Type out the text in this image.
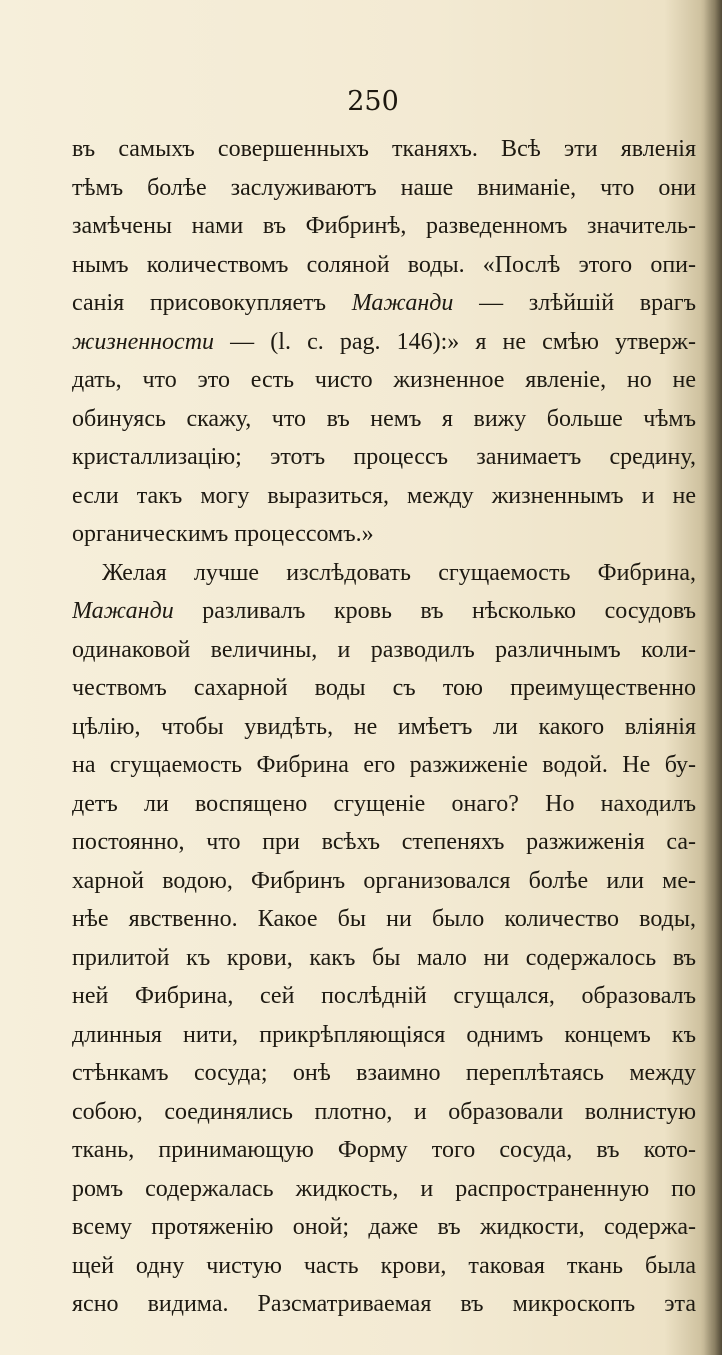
250
въ самыхъ совершенныхъ тканяхъ. Всѣ эти явленія
тѣмъ болѣе заслуживаютъ наше вниманіе, что они
замѣчены нами въ Фибринѣ, разведенномъ значитель-
нымъ количествомъ соляной воды. «Послѣ этого опи-
санія присовокупляетъ Мажанди — злѣйшій врагъ
жизненности — (l. c. pag. 146):» я не смѣю утверж-
дать, что это есть чисто жизненное явленіе, но не
обинуясь скажу, что въ немъ я вижу больше чѣмъ
кристаллизацію; этотъ процессъ занимаетъ средину,
если такъ могу выразиться, между жизненнымъ и не
органическимъ процессомъ.»
Желая лучше изслѣдовать сгущаемость Фибрина,
Мажанди разливалъ кровь въ нѣсколько сосудовъ
одинаковой величины, и разводилъ различнымъ коли-
чествомъ сахарной воды съ тою преимущественно
цѣлію, чтобы увидѣть, не имѣетъ ли какого вліянія
на сгущаемость Фибрина его разжиженіе водой. Не бу-
детъ ли воспящено сгущеніе онаго? Но находилъ
постоянно, что при всѣхъ степеняхъ разжиженія са-
харной водою, Фибринъ организовался болѣе или ме-
нѣе явственно. Какое бы ни было количество воды,
прилитой къ крови, какъ бы мало ни содержалось въ
ней Фибрина, сей послѣдній сгущался, образовалъ
длинныя нити, прикрѣпляющіяся однимъ концемъ къ
стѣнкамъ сосуда; онѣ взаимно переплѣтаясь между
собою, соединялись плотно, и образовали волнистую
ткань, принимающую Форму того сосуда, въ кото-
ромъ содержалась жидкость, и распространенную по
всему протяженію оной; даже въ жидкости, содержа-
щей одну чистую часть крови, таковая ткань была
ясно видима. Разсматриваемая въ микроскопъ эта
